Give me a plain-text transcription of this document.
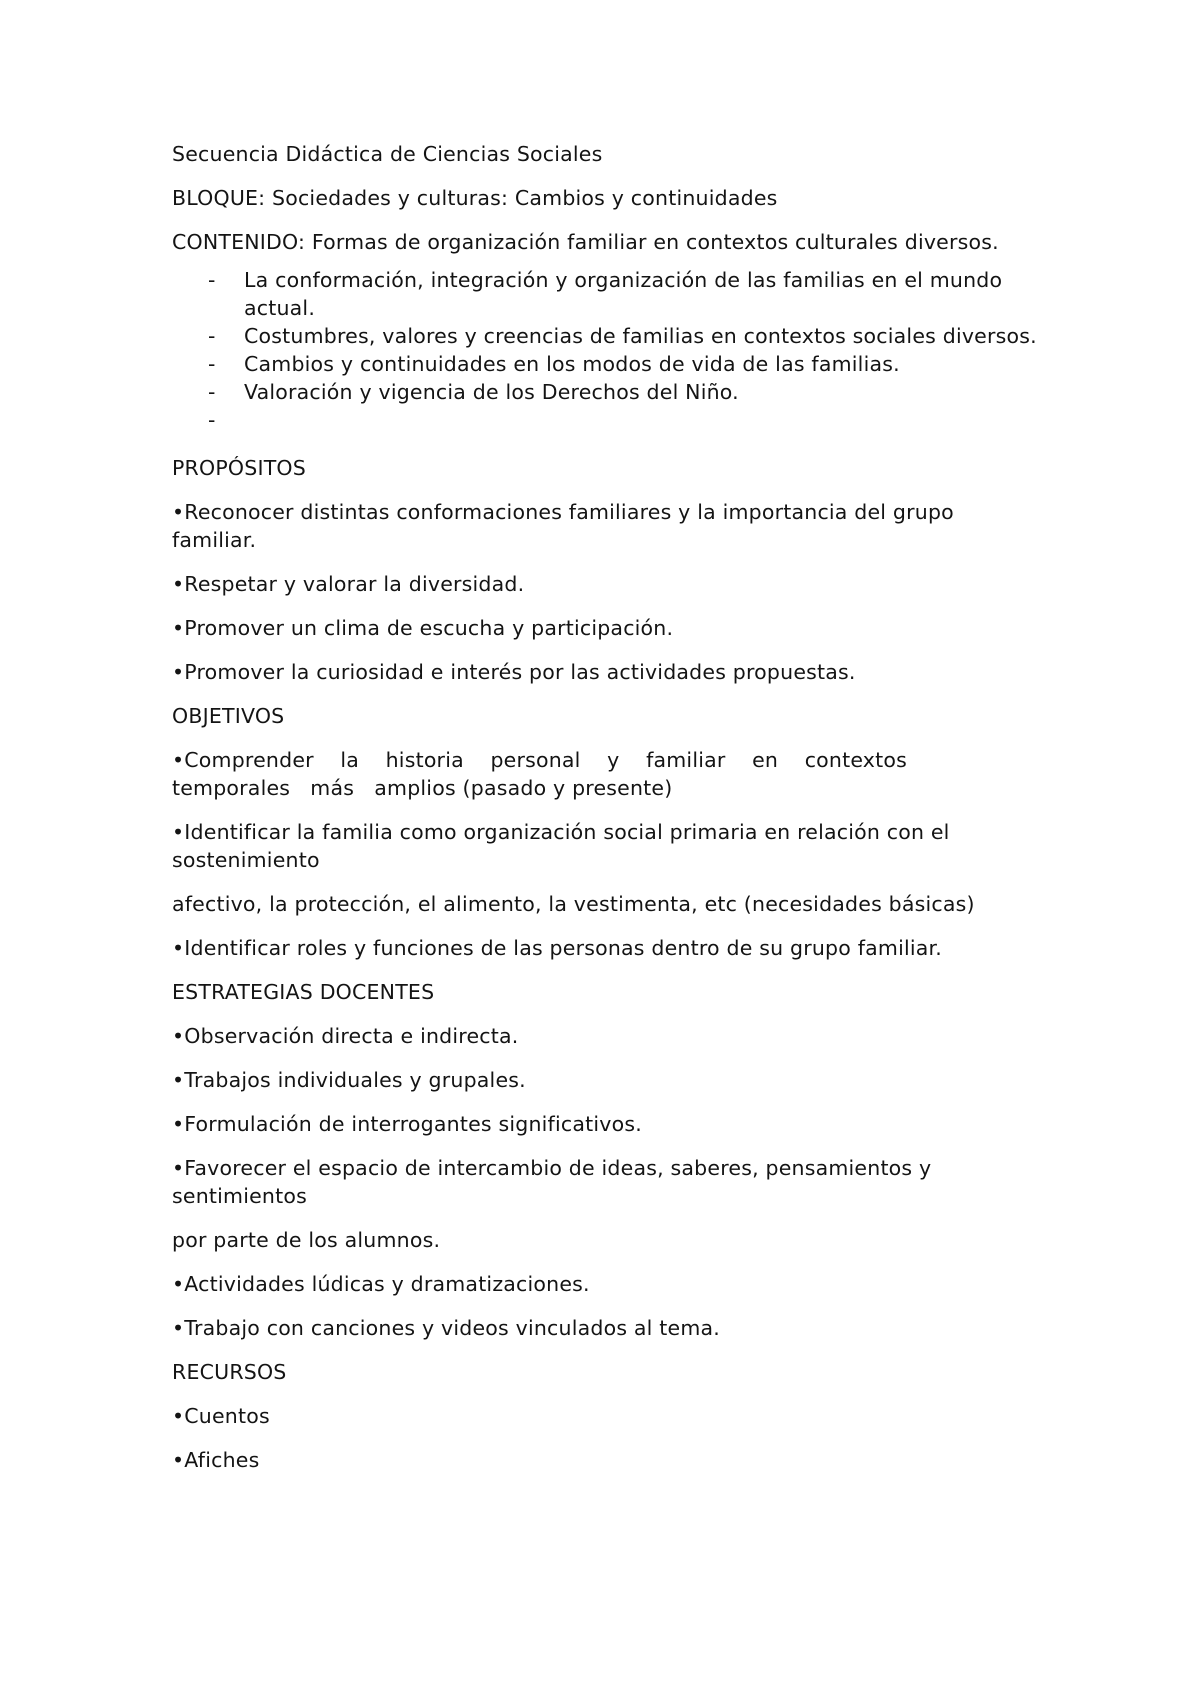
Secuencia Didáctica de Ciencias Sociales

BLOQUE: Sociedades y culturas: Cambios y continuidades

CONTENIDO: Formas de organización familiar en contextos culturales diversos.

- La conformación, integración y organización de las familias en el mundo actual.
- Costumbres, valores y creencias de familias en contextos sociales diversos.
- Cambios y continuidades en los modos de vida de las familias.
- Valoración y vigencia de los Derechos del Niño.
-

PROPÓSITOS

•Reconocer distintas conformaciones familiares y la importancia del grupo familiar.

•Respetar y valorar la diversidad.

•Promover un clima de escucha y participación.

•Promover la curiosidad e interés por las actividades propuestas.

OBJETIVOS

•Comprender la historia personal y familiar en contextos
temporales   más   amplios (pasado y presente)

•Identificar la familia como organización social primaria en relación con el sostenimiento

afectivo, la protección, el alimento, la vestimenta, etc (necesidades básicas)

•Identificar roles y funciones de las personas dentro de su grupo familiar.

ESTRATEGIAS DOCENTES

•Observación directa e indirecta.

•Trabajos individuales y grupales.

•Formulación de interrogantes significativos.

•Favorecer el espacio de intercambio de ideas, saberes, pensamientos y sentimientos

por parte de los alumnos.

•Actividades lúdicas y dramatizaciones.

•Trabajo con canciones y videos vinculados al tema.

RECURSOS

•Cuentos

•Afiches
